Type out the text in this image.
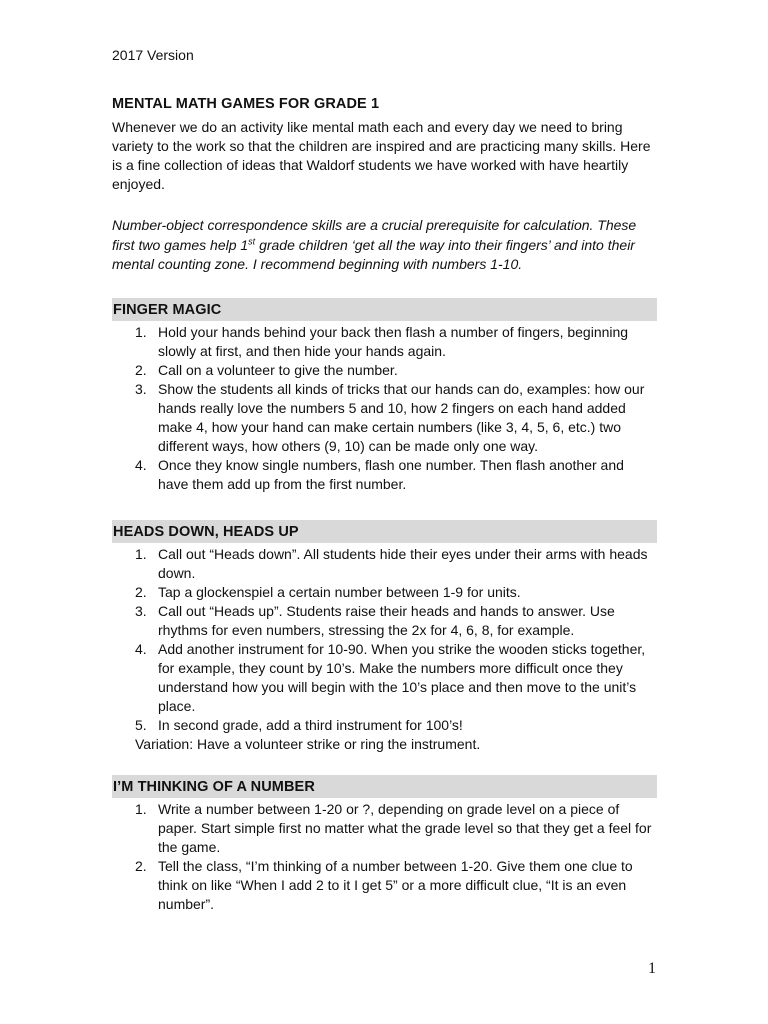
2017 Version
MENTAL MATH GAMES FOR GRADE 1

Whenever we do an activity like mental math each and every day we need to bring variety to the work so that the children are inspired and are practicing many skills. Here is a fine collection of ideas that Waldorf students we have worked with have heartily enjoyed.

Number-object correspondence skills are a crucial prerequisite for calculation. These first two games help 1st grade children ‘get all the way into their fingers’ and into their mental counting zone. I recommend beginning with numbers 1-10.

FINGER MAGIC
1. Hold your hands behind your back then flash a number of fingers, beginning slowly at first, and then hide your hands again.
2. Call on a volunteer to give the number.
3. Show the students all kinds of tricks that our hands can do, examples: how our hands really love the numbers 5 and 10, how 2 fingers on each hand added make 4, how your hand can make certain numbers (like 3, 4, 5, 6, etc.) two different ways, how others (9, 10) can be made only one way.
4. Once they know single numbers, flash one number. Then flash another and have them add up from the first number.
HEADS DOWN, HEADS UP
1. Call out “Heads down”. All students hide their eyes under their arms with heads down.
2. Tap a glockenspiel a certain number between 1-9 for units.
3. Call out “Heads up”. Students raise their heads and hands to answer. Use rhythms for even numbers, stressing the 2x for 4, 6, 8, for example.
4. Add another instrument for 10-90. When you strike the wooden sticks together, for example, they count by 10’s. Make the numbers more difficult once they understand how you will begin with the 10’s place and then move to the unit’s place.
5. In second grade, add a third instrument for 100’s!
Variation: Have a volunteer strike or ring the instrument.
I’M THINKING OF A NUMBER
1. Write a number between 1-20 or ?, depending on grade level on a piece of paper. Start simple first no matter what the grade level so that they get a feel for the game.
2. Tell the class, “I’m thinking of a number between 1-20. Give them one clue to think on like “When I add 2 to it I get 5” or a more difficult clue, “It is an even number”.
1
